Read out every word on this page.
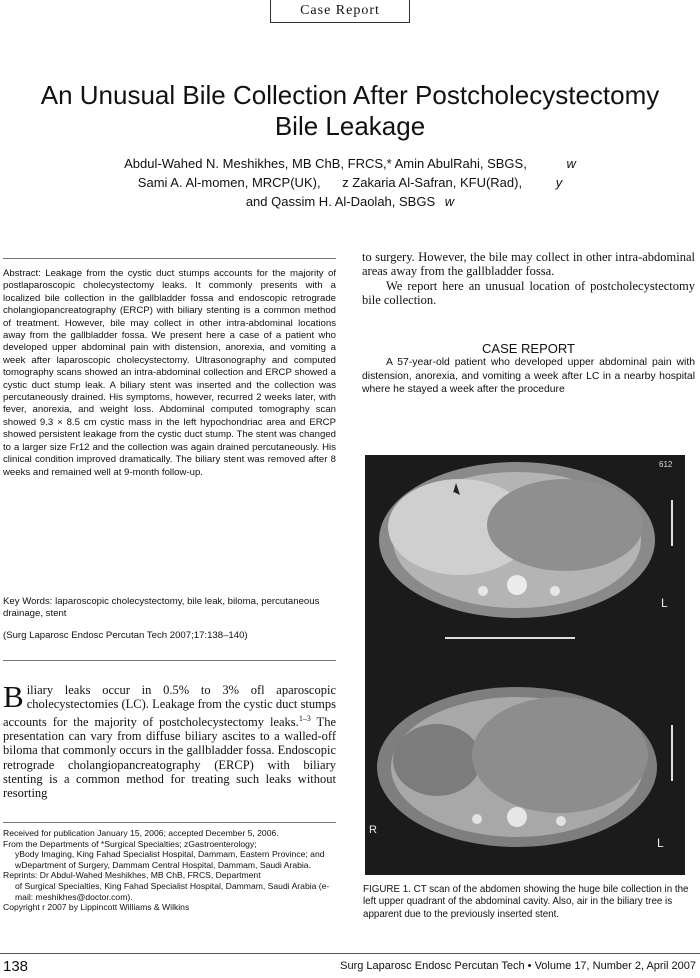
Case Report
An Unusual Bile Collection After Postcholecystectomy
Bile Leakage
Abdul-Wahed N. Meshikhes, MB ChB, FRCS,* Amin AbulRahi, SBGS,	w
Sami A. Al-momen, MRCP(UK), z Zakaria Al-Safran, KFU(Rad),	y
and Qassim H. Al-Daolah, SBGS w
Abstract: Leakage from the cystic duct stumps accounts for the majority of postlaparoscopic cholecystectomy leaks. It commonly presents with a localized bile collection in the gallbladder fossa and endoscopic retrograde cholangiopancreatography (ERCP) with biliary stenting is a common method of treatment. However, bile may collect in other intra-abdominal locations away from the gallbladder fossa. We present here a case of a patient who developed upper abdominal pain with distension, anorexia, and vomiting a week after laparoscopic cholecystectomy. Ultrasonography and computed tomography scans showed an intra-abdominal collection and ERCP showed a cystic duct stump leak. A biliary stent was inserted and the collection was percutaneously drained. His symptoms, however, recurred 2 weeks later, with fever, anorexia, and weight loss. Abdominal computed tomography scan showed 9.3 × 8.5 cm cystic mass in the left hypochondriac area and ERCP showed persistent leakage from the cystic duct stump. The stent was changed to a larger size Fr12 and the collection was again drained percutaneously. His clinical condition improved dramatically. The biliary stent was removed after 8 weeks and remained well at 9-month follow-up.
Key Words: laparoscopic cholecystectomy, bile leak, biloma, percutaneous drainage, stent
(Surg Laparosc Endosc Percutan Tech 2007;17:138–140)
Biliary leaks occur in 0.5% to 3% ofl aparoscopic cholecystectomies (LC). Leakage from the cystic duct stumps accounts for the majority of postcholecystectomy leaks.$^{1-3}$ The presentation can vary from diffuse biliary ascites to a walled-off biloma that commonly occurs in the gallbladder fossa. Endoscopic retrograde cholangiopancreatography (ERCP) with biliary stenting is a common method for treating such leaks without resorting
Received for publication January 15, 2006; accepted December 5, 2006.
From the Departments of *Surgical Specialties; zGastroenterology;
yBody Imaging, King Fahad Specialist Hospital, Dammam, Eastern Province; and wDepartment of Surgery, Dammam Central Hospital, Dammam, Saudi Arabia.
Reprints: Dr Abdul-Wahed Meshikhes, MB ChB, FRCS, Department
of Surgical Specialties, King Fahad Specialist Hospital, Dammam, Saudi Arabia (e-mail: meshikhes@doctor.com).
Copyright r 2007 by Lippincott Williams & Wilkins

to surgery. However, the bile may collect in other intra-abdominal areas away from the gallbladder fossa.

We report here an unusual location of postcholecystectomy bile collection.

CASE REPORT

A 57-year-old patient who developed upper abdominal pain with distension, anorexia, and vomiting a week after LC in a nearby hospital where he stayed a week after the procedure

612
L
L
R
FIGURE 1. CT scan of the abdomen showing the huge bile collection in the left upper quadrant of the abdominal cavity. Also, air in the biliary tree is apparent due to the previously inserted stent.
138	Surg Laparosc Endosc Percutan Tech • Volume 17, Number 2, April 2007
